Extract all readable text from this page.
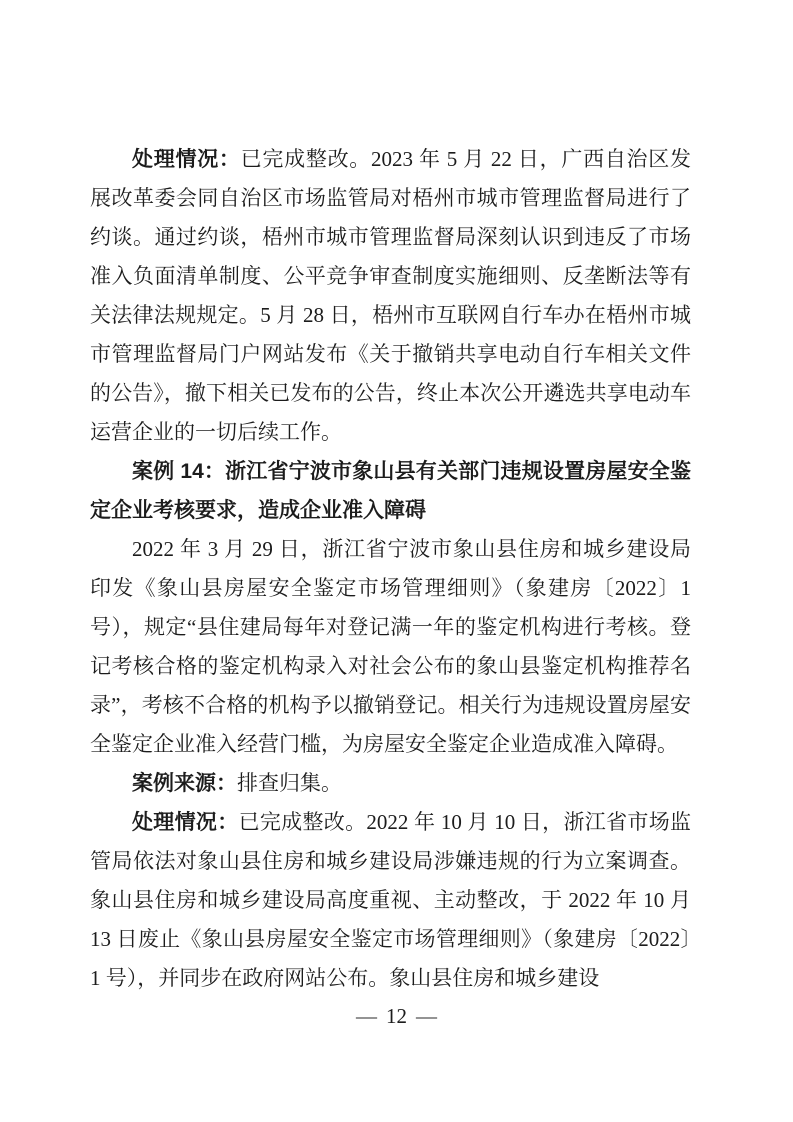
处理情况：已完成整改。2023 年 5 月 22 日，广西自治区发展改革委会同自治区市场监管局对梧州市城市管理监督局进行了约谈。通过约谈，梧州市城市管理监督局深刻认识到违反了市场准入负面清单制度、公平竞争审查制度实施细则、反垄断法等有关法律法规规定。5 月 28 日，梧州市互联网自行车办在梧州市城市管理监督局门户网站发布《关于撤销共享电动自行车相关文件的公告》，撤下相关已发布的公告，终止本次公开遴选共享电动车运营企业的一切后续工作。

案例 14：浙江省宁波市象山县有关部门违规设置房屋安全鉴定企业考核要求，造成企业准入障碍

2022 年 3 月 29 日，浙江省宁波市象山县住房和城乡建设局印发《象山县房屋安全鉴定市场管理细则》（象建房〔2022〕1 号），规定“县住建局每年对登记满一年的鉴定机构进行考核。登记考核合格的鉴定机构录入对社会公布的象山县鉴定机构推荐名录”，考核不合格的机构予以撤销登记。相关行为违规设置房屋安全鉴定企业准入经营门槛，为房屋安全鉴定企业造成准入障碍。

案例来源：排查归集。

处理情况：已完成整改。2022 年 10 月 10 日，浙江省市场监管局依法对象山县住房和城乡建设局涉嫌违规的行为立案调查。象山县住房和城乡建设局高度重视、主动整改，于 2022 年 10 月 13 日废止《象山县房屋安全鉴定市场管理细则》（象建房〔2022〕1 号），并同步在政府网站公布。象山县住房和城乡建设

— 12 —
